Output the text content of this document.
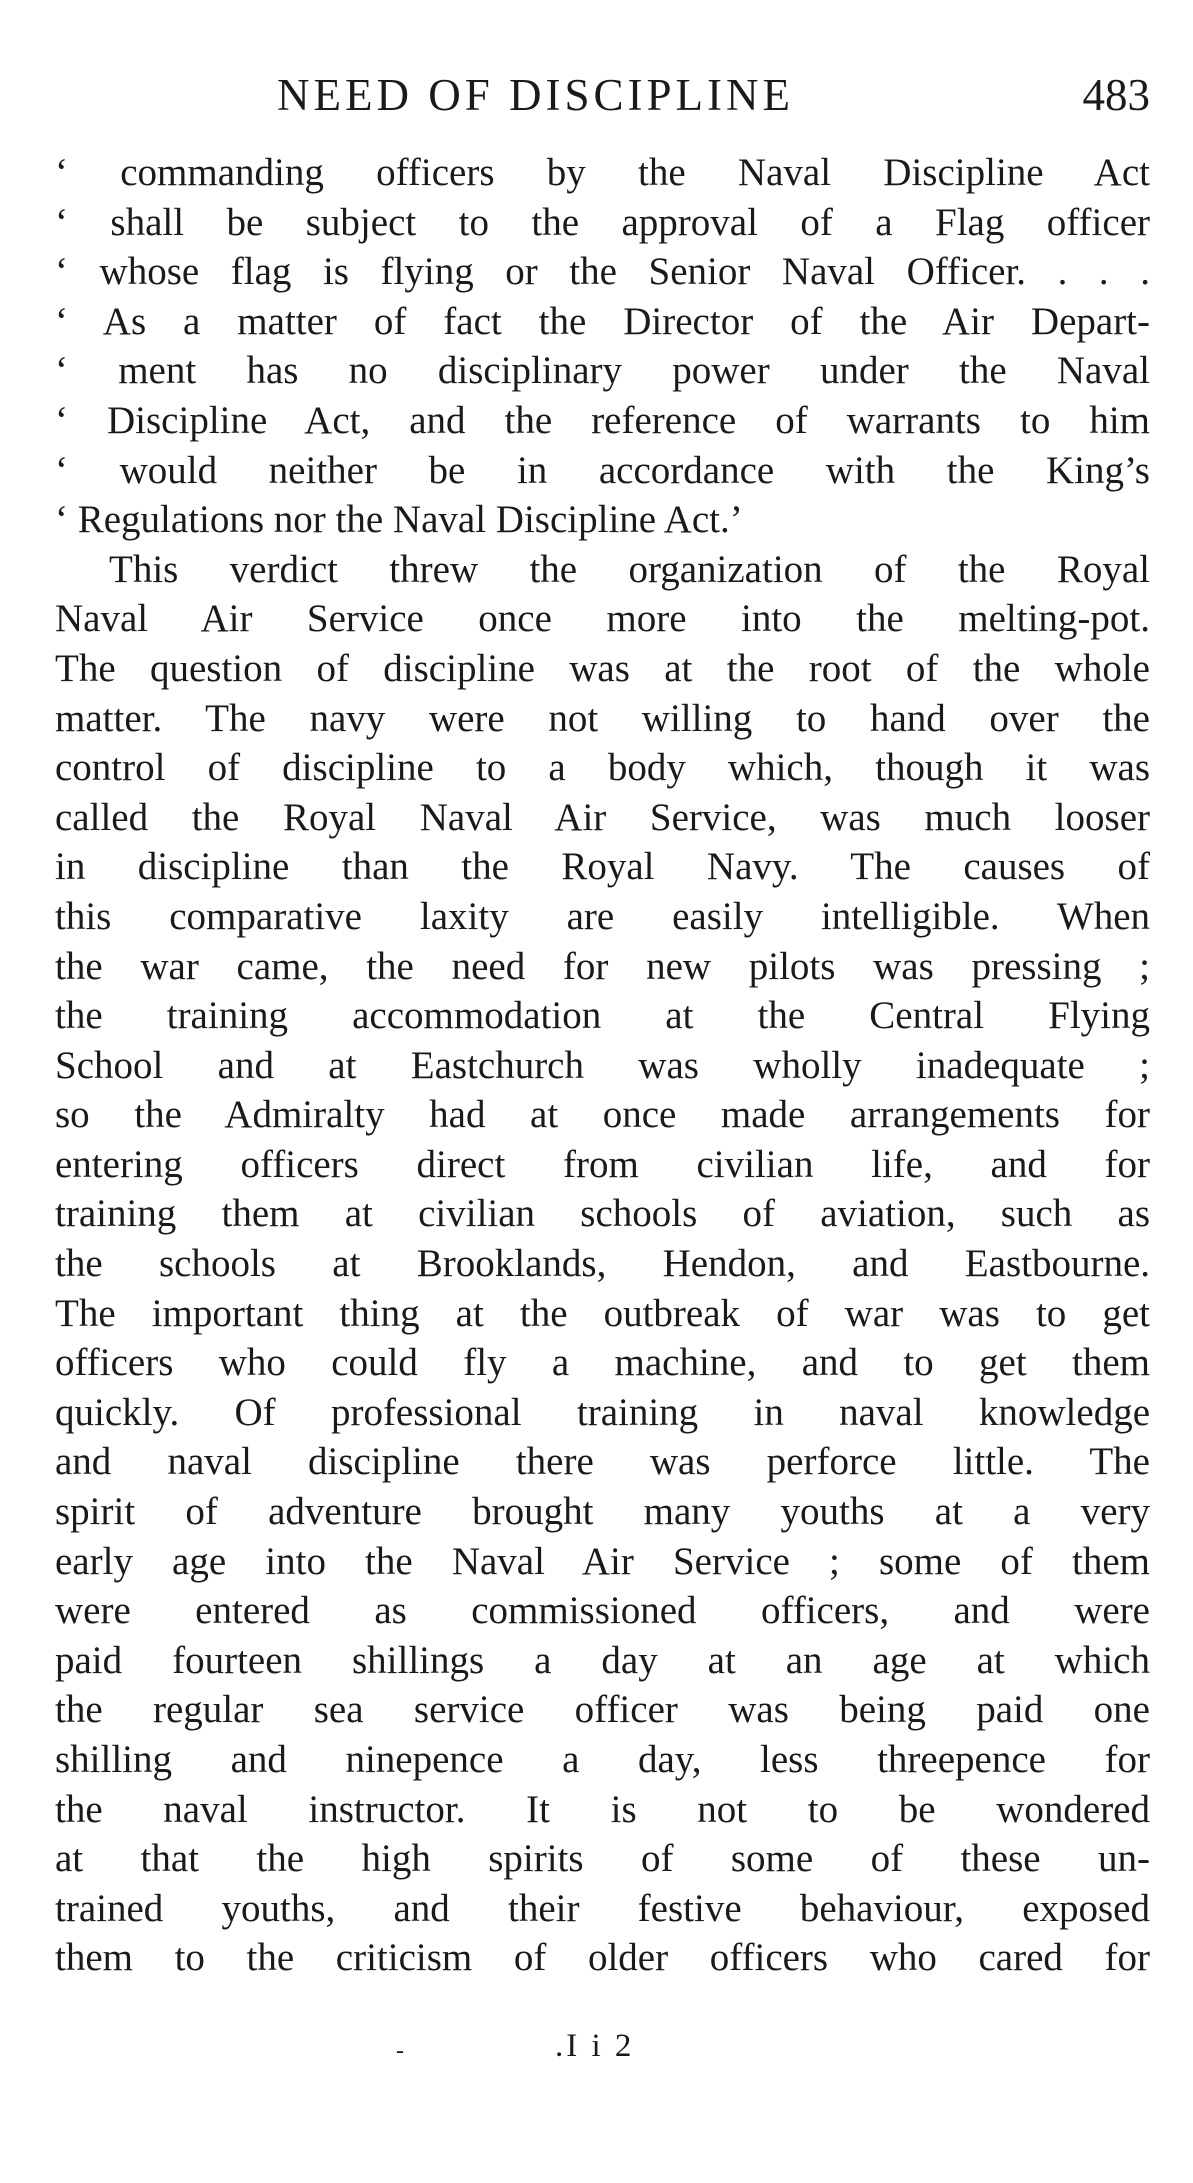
NEED OF DISCIPLINE	483
‘ commanding officers by the Naval Discipline Act
‘ shall be subject to the approval of a Flag officer
‘ whose flag is flying or the Senior Naval Officer. . . .
‘ As a matter of fact the Director of the Air Depart-
‘ ment has no disciplinary power under the Naval
‘ Discipline Act, and the reference of warrants to him
‘ would neither be in accordance with the King’s
‘ Regulations nor the Naval Discipline Act.’
This verdict threw the organization of the Royal
Naval Air Service once more into the melting-pot.
The question of discipline was at the root of the whole
matter. The navy were not willing to hand over the
control of discipline to a body which, though it was
called the Royal Naval Air Service, was much looser
in discipline than the Royal Navy. The causes of
this comparative laxity are easily intelligible. When
the war came, the need for new pilots was pressing ;
the training accommodation at the Central Flying
School and at Eastchurch was wholly inadequate ;
so the Admiralty had at once made arrangements for
entering officers direct from civilian life, and for
training them at civilian schools of aviation, such as
the schools at Brooklands, Hendon, and Eastbourne.
The important thing at the outbreak of war was to get
officers who could fly a machine, and to get them
quickly. Of professional training in naval knowledge
and naval discipline there was perforce little. The
spirit of adventure brought many youths at a very
early age into the Naval Air Service ; some of them
were entered as commissioned officers, and were
paid fourteen shillings a day at an age at which
the regular sea service officer was being paid one
shilling and ninepence a day, less threepence for
the naval instructor. It is not to be wondered
at that the high spirits of some of these un-
trained youths, and their festive behaviour, exposed
them to the criticism of older officers who cared for
-	.I i 2
